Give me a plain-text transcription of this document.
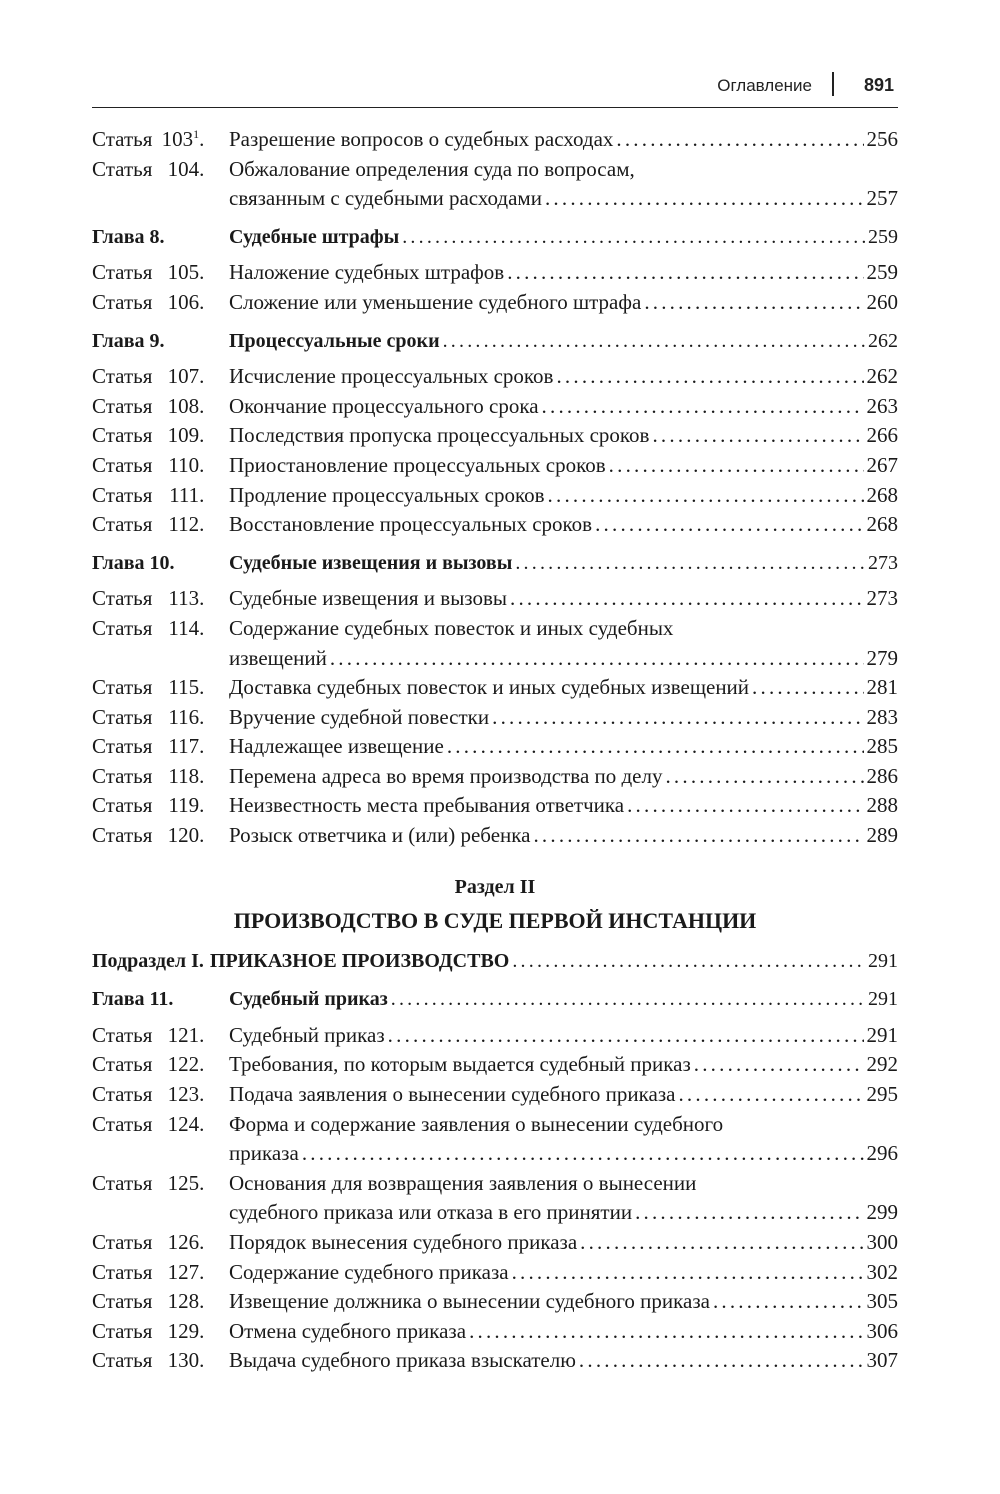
Оглавление	891
Статья $103^1$. Разрешение вопросов о судебных расходах .....	256
Статья 104. Обжалование определения суда по вопросам,
связанным с судебными расходами .....	257
Глава 8.	Судебные штрафы .....	259
Статья 105. Наложение судебных штрафов .....	259
Статья 106. Сложение или уменьшение судебного штрафа .....	260
Глава 9.	Процессуальные сроки .....	262
Статья 107. Исчисление процессуальных сроков .....	262
Статья 108. Окончание процессуального срока .....	263
Статья 109. Последствия пропуска процессуальных сроков .....	266
Статья 110. Приостановление процессуальных сроков .....	267
Статья 111. Продление процессуальных сроков .....	268
Статья 112. Восстановление процессуальных сроков .....	268
Глава 10.	Судебные извещения и вызовы .....	273
Статья 113. Судебные извещения и вызовы .....	273
Статья 114. Содержание судебных повесток и иных судебных
извещений .....	279
Статья 115. Доставка судебных повесток и иных судебных извещений .....	281
Статья 116. Вручение судебной повестки .....	283
Статья 117. Надлежащее извещение .....	285
Статья 118. Перемена адреса во время производства по делу .....	286
Статья 119. Неизвестность места пребывания ответчика .....	288
Статья 120. Розыск ответчика и (или) ребенка .....	289
Раздел II
ПРОИЗВОДСТВО В СУДЕ ПЕРВОЙ ИНСТАНЦИИ
Подраздел I. ПРИКАЗНОЕ ПРОИЗВОДСТВО .....	291
Глава 11.	Судебный приказ .....	291
Статья 121. Судебный приказ .....	291
Статья 122. Требования, по которым выдается судебный приказ .....	292
Статья 123. Подача заявления о вынесении судебного приказа .....	295
Статья 124. Форма и содержание заявления о вынесении судебного
приказа .....	296
Статья 125. Основания для возвращения заявления о вынесении
судебного приказа или отказа в его принятии .....	299
Статья 126. Порядок вынесения судебного приказа .....	300
Статья 127. Содержание судебного приказа .....	302
Статья 128. Извещение должника о вынесении судебного приказа .....	305
Статья 129. Отмена судебного приказа .....	306
Статья 130. Выдача судебного приказа взыскателю .....	307
